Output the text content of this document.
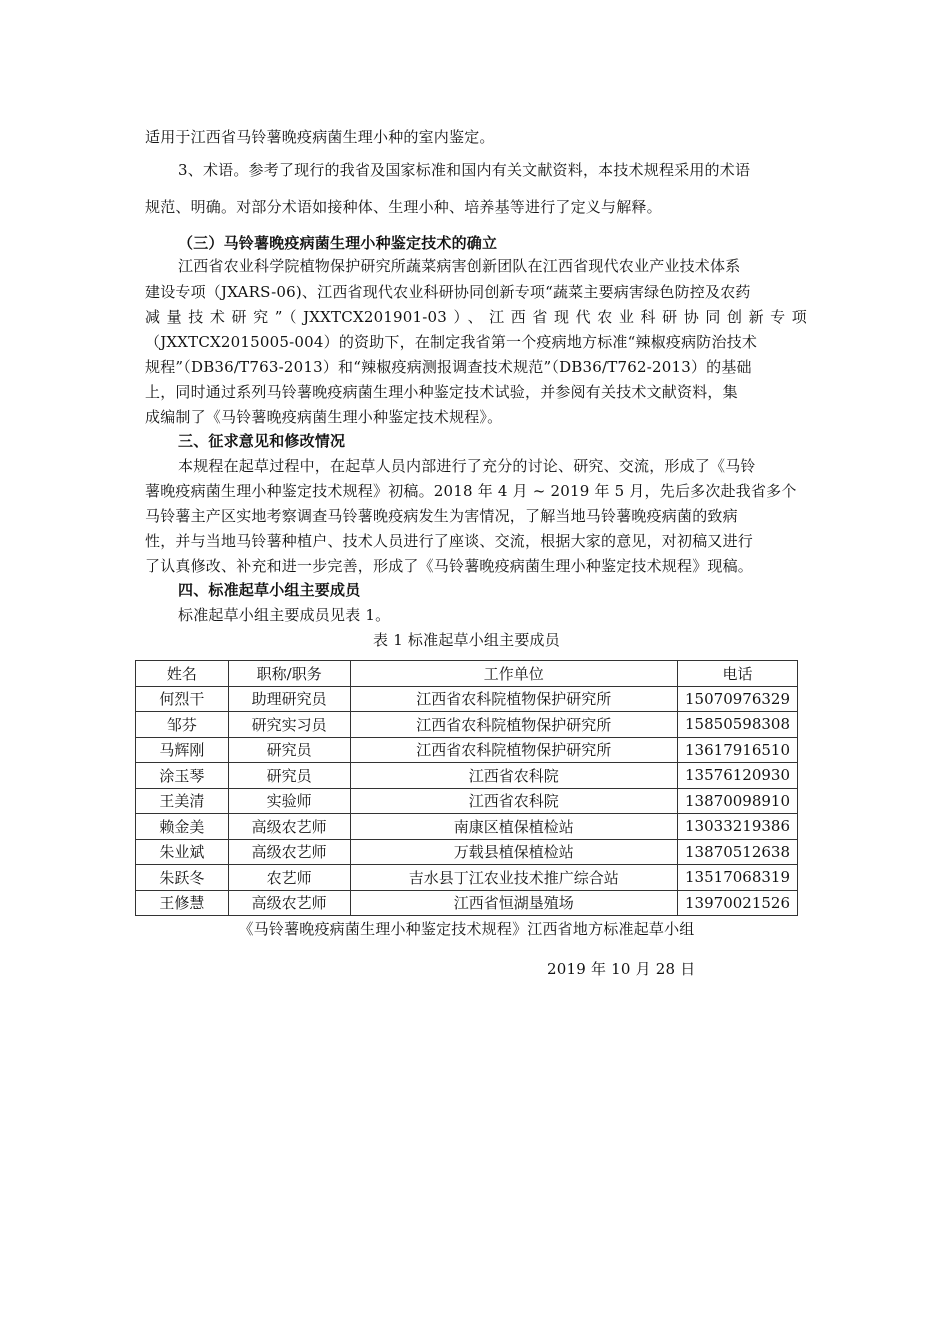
适用于江西省马铃薯晚疫病菌生理小种的室内鉴定。
3、术语。参考了现行的我省及国家标准和国内有关文献资料，本技术规程采用的术语
规范、明确。对部分术语如接种体、生理小种、培养基等进行了定义与解释。
（三）马铃薯晚疫病菌生理小种鉴定技术的确立
江西省农业科学院植物保护研究所蔬菜病害创新团队在江西省现代农业产业技术体系
建设专项（JXARS-06)、江西省现代农业科研协同创新专项“蔬菜主要病害绿色防控及农药
减量技术研究”（JXXTCX201901-03）、江西省现代农业科研协同创新专项
（JXXTCX2015005-004）的资助下，在制定我省第一个疫病地方标准“辣椒疫病防治技术
规程”（DB36/T763-2013）和“辣椒疫病测报调查技术规范”（DB36/T762-2013）的基础
上，同时通过系列马铃薯晚疫病菌生理小种鉴定技术试验，并参阅有关技术文献资料，集
成编制了《马铃薯晚疫病菌生理小种鉴定技术规程》。
三、征求意见和修改情况
本规程在起草过程中，在起草人员内部进行了充分的讨论、研究、交流，形成了《马铃
薯晚疫病菌生理小种鉴定技术规程》初稿。2018 年 4 月 ~ 2019 年 5 月，先后多次赴我省多个
马铃薯主产区实地考察调查马铃薯晚疫病发生为害情况，了解当地马铃薯晚疫病菌的致病
性，并与当地马铃薯种植户、技术人员进行了座谈、交流，根据大家的意见，对初稿又进行
了认真修改、补充和进一步完善，形成了《马铃薯晚疫病菌生理小种鉴定技术规程》现稿。
四、标准起草小组主要成员
标准起草小组主要成员见表 1。
表 1 标准起草小组主要成员
姓名	职称/职务	工作单位	电话
何烈干	助理研究员	江西省农科院植物保护研究所	15070976329
邹芬	研究实习员	江西省农科院植物保护研究所	15850598308
马辉刚	研究员	江西省农科院植物保护研究所	13617916510
涂玉琴	研究员	江西省农科院	13576120930
王美清	实验师	江西省农科院	13870098910
赖金美	高级农艺师	南康区植保植检站	13033219386
朱业斌	高级农艺师	万载县植保植检站	13870512638
朱跃冬	农艺师	吉水县丁江农业技术推广综合站	13517068319
王修慧	高级农艺师	江西省恒湖垦殖场	13970021526
《马铃薯晚疫病菌生理小种鉴定技术规程》江西省地方标准起草小组
2019 年 10 月 28 日
